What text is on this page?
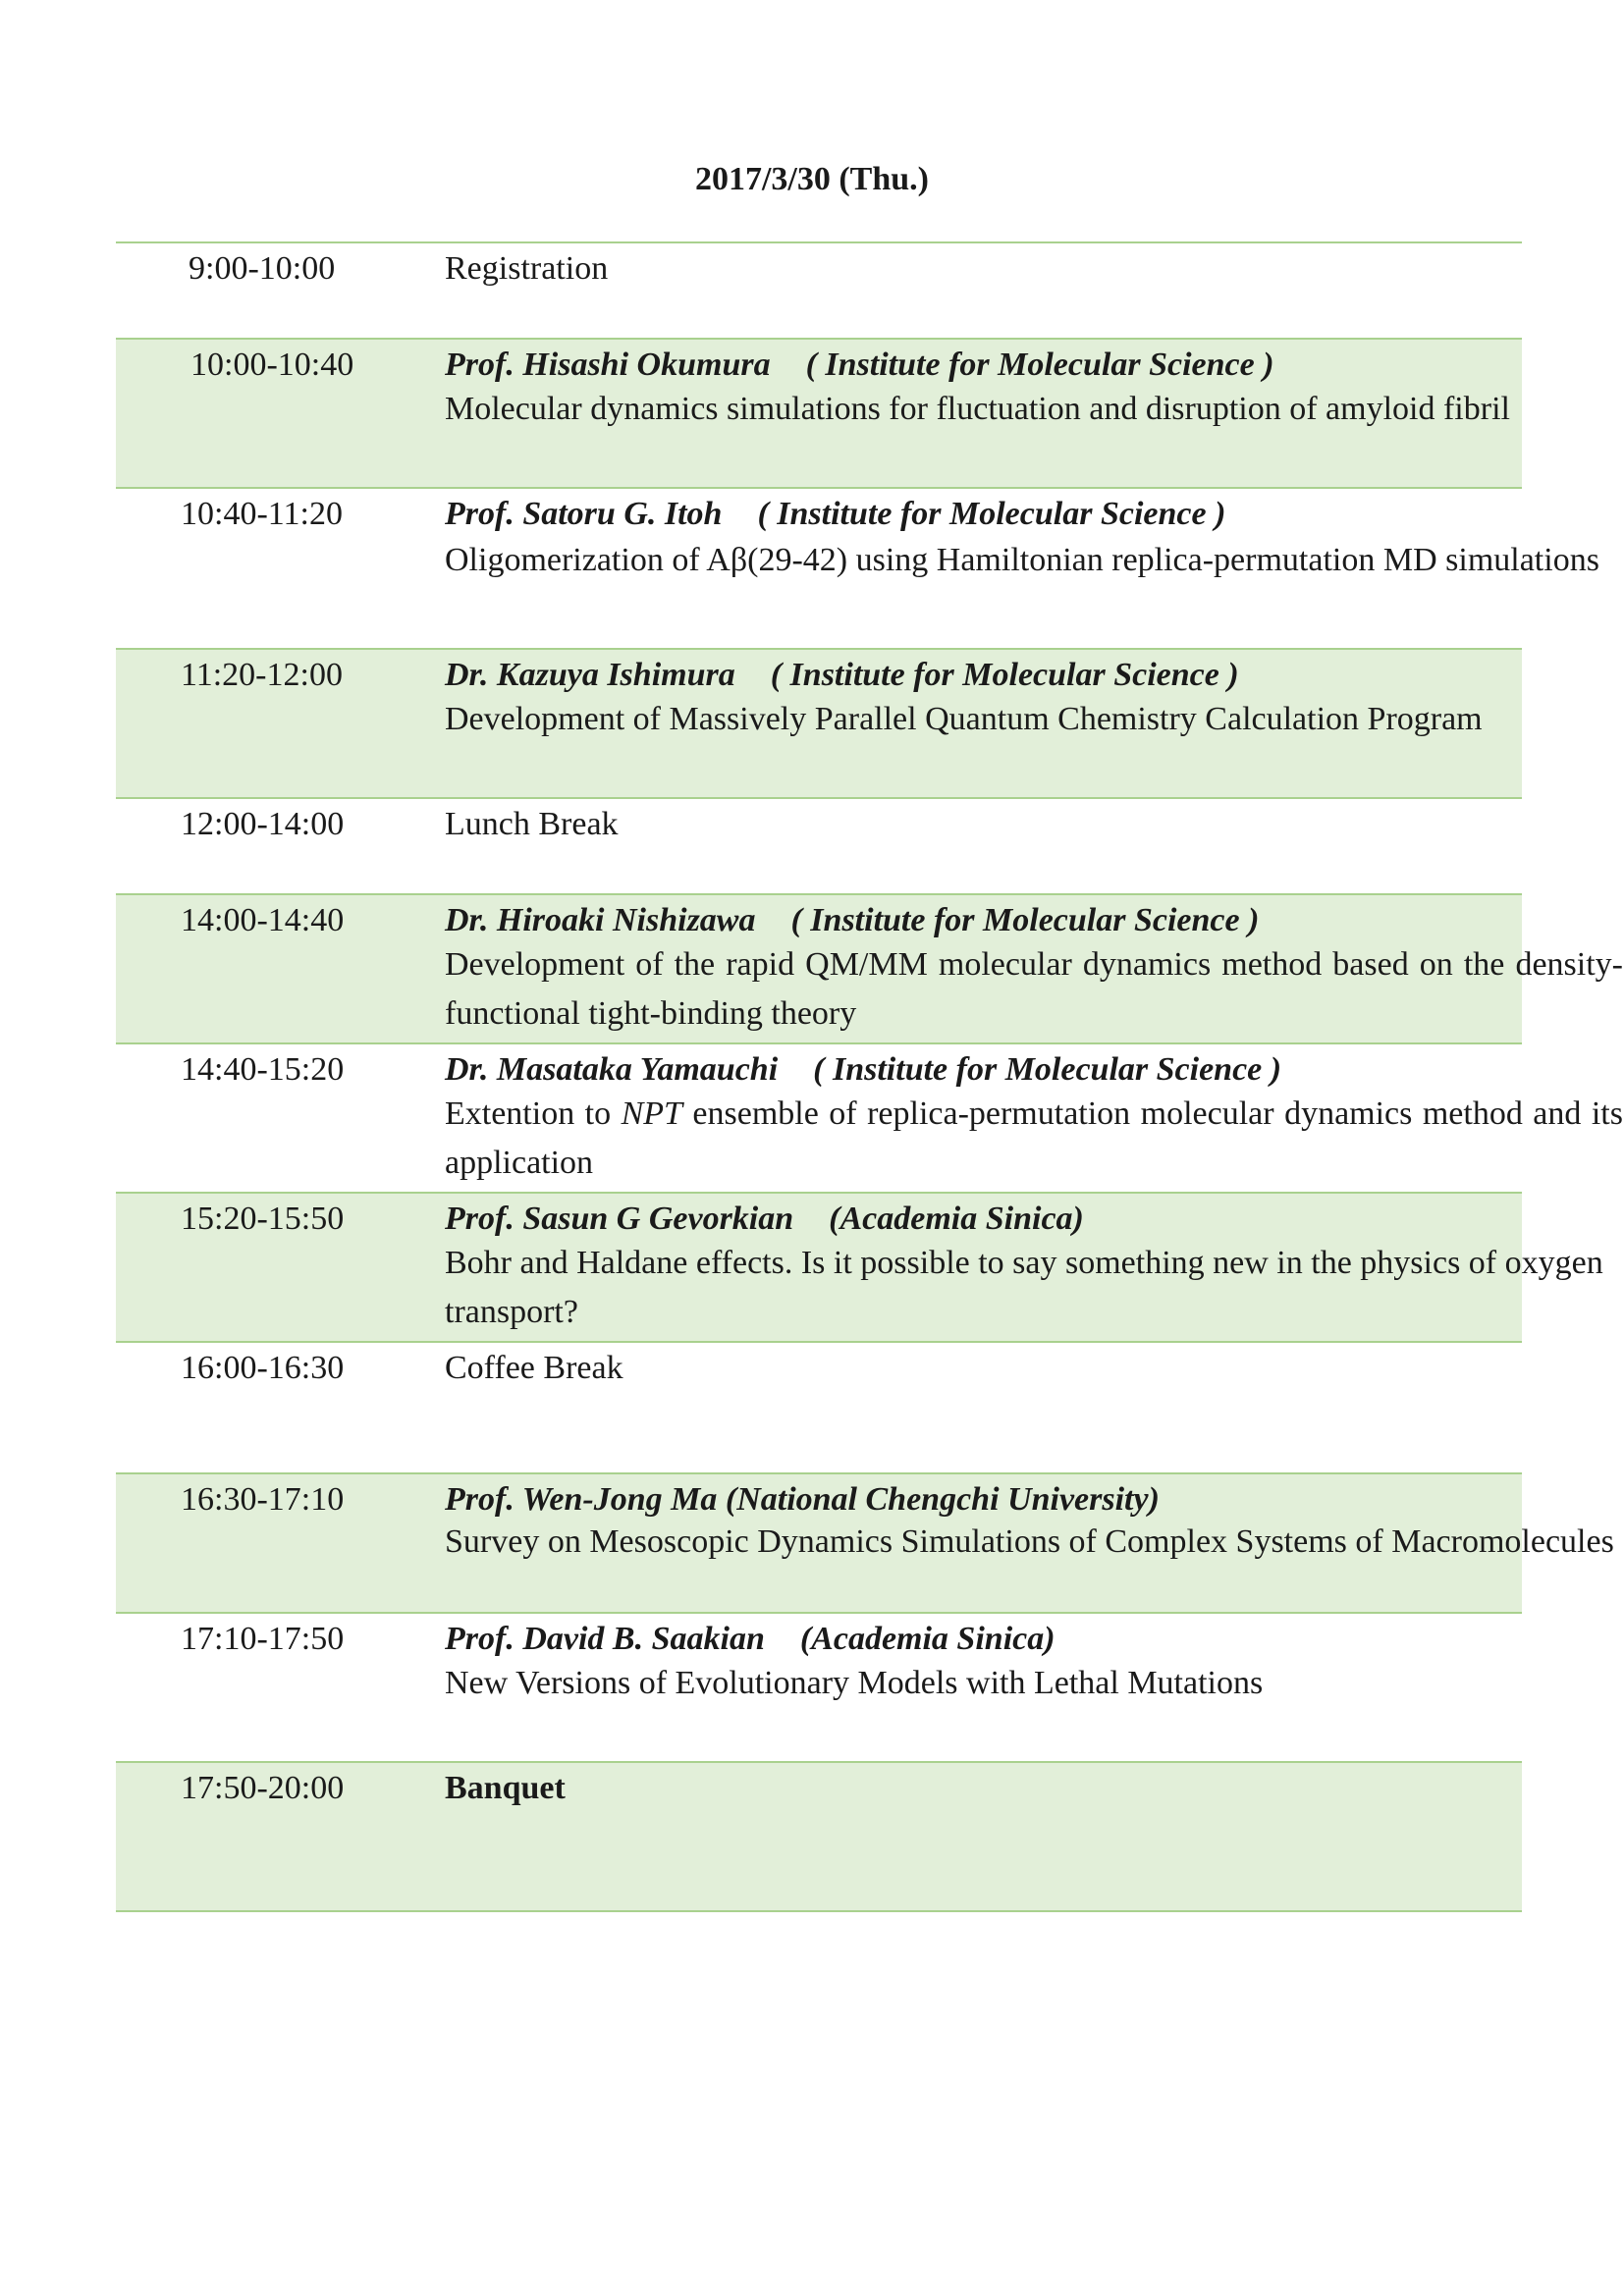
2017/3/30 (Thu.)
9:00-10:00	Registration
10:00-10:40	Prof. Hisashi Okumura ( Institute for Molecular Science )
Molecular dynamics simulations for fluctuation and disruption of amyloid fibril
10:40-11:20	Prof. Satoru G. Itoh ( Institute for Molecular Science )
Oligomerization of Aβ(29-42) using Hamiltonian replica-permutation MD simulations
11:20-12:00	Dr. Kazuya Ishimura ( Institute for Molecular Science )
Development of Massively Parallel Quantum Chemistry Calculation Program
12:00-14:00	Lunch Break
14:00-14:40	Dr. Hiroaki Nishizawa ( Institute for Molecular Science )
Development of the rapid QM/MM molecular dynamics method based on the density-functional tight-binding theory
14:40-15:20	Dr. Masataka Yamauchi ( Institute for Molecular Science )
Extention to NPT ensemble of replica-permutation molecular dynamics method and its application
15:20-15:50	Prof. Sasun G Gevorkian (Academia Sinica)
Bohr and Haldane effects. Is it possible to say something new in the physics of oxygen transport?
16:00-16:30	Coffee Break
16:30-17:10	Prof. Wen-Jong Ma (National Chengchi University)
Survey on Mesoscopic Dynamics Simulations of Complex Systems of Macromolecules
17:10-17:50	Prof. David B. Saakian (Academia Sinica)
New Versions of Evolutionary Models with Lethal Mutations
17:50-20:00	Banquet
